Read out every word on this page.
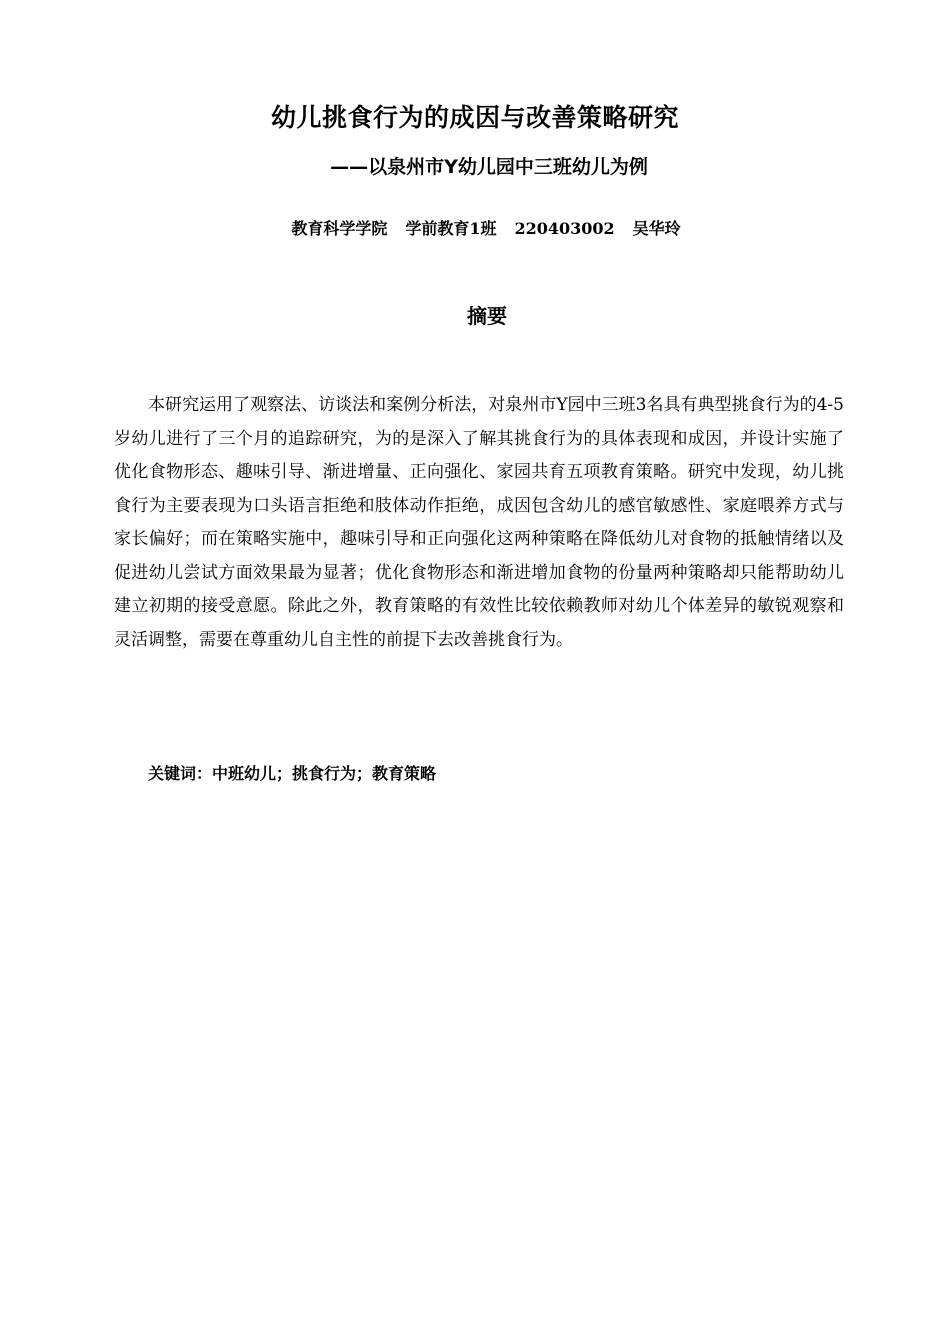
幼儿挑食行为的成因与改善策略研究
——以泉州市Y幼儿园中三班幼儿为例
教育科学学院 学前教育1班 220403002 吴华玲
摘要

本研究运用了观察法、访谈法和案例分析法，对泉州市Y园中三班3名具有典型挑食行为的4-5岁幼儿进行了三个月的追踪研究，为的是深入了解其挑食行为的具体表现和成因，并设计实施了优化食物形态、趣味引导、渐进增量、正向强化、家园共育五项教育策略。研究中发现，幼儿挑食行为主要表现为口头语言拒绝和肢体动作拒绝，成因包含幼儿的感官敏感性、家庭喂养方式与家长偏好；而在策略实施中，趣味引导和正向强化这两种策略在降低幼儿对食物的抵触情绪以及促进幼儿尝试方面效果最为显著；优化食物形态和渐进增加食物的份量两种策略却只能帮助幼儿建立初期的接受意愿。除此之外，教育策略的有效性比较依赖教师对幼儿个体差异的敏锐观察和灵活调整，需要在尊重幼儿自主性的前提下去改善挑食行为。

关键词：中班幼儿；挑食行为；教育策略
